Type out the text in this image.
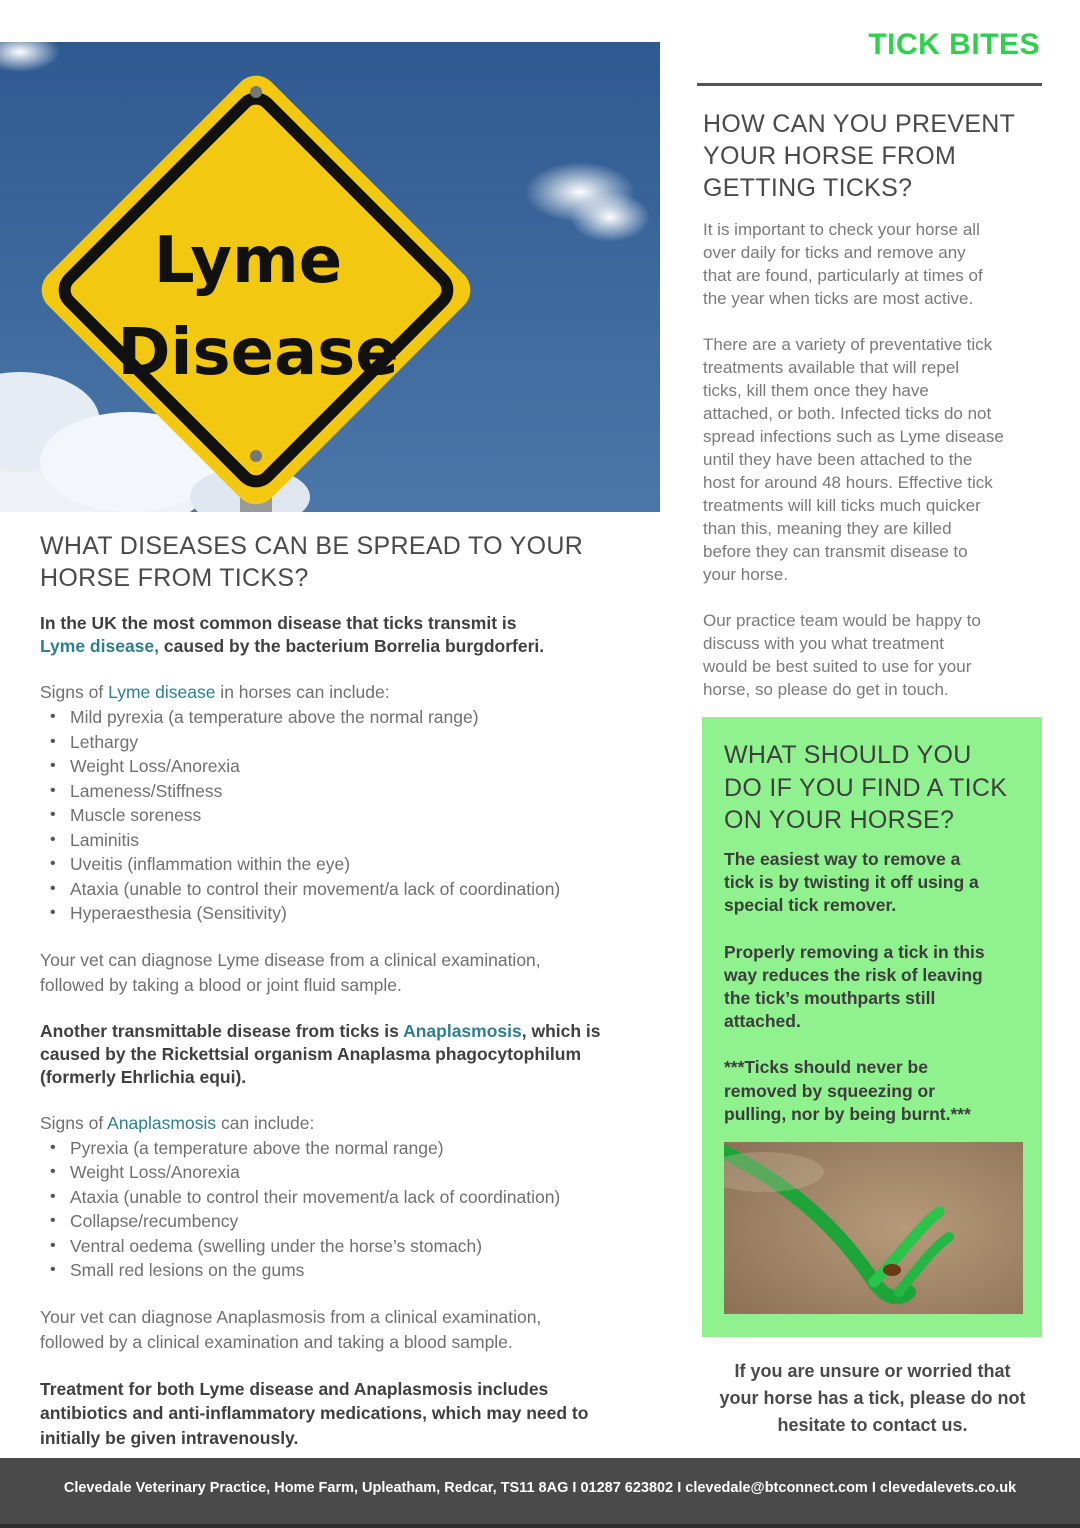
Lyme
Disease
TICK BITES
WHAT DISEASES CAN BE SPREAD TO YOUR HORSE FROM TICKS?
In the UK the most common disease that ticks transmit is
Lyme disease, caused by the bacterium Borrelia burgdorferi.
Signs of Lyme disease in horses can include:
• Mild pyrexia (a temperature above the normal range)
• Lethargy
• Weight Loss/Anorexia
• Lameness/Stiffness
• Muscle soreness
• Laminitis
• Uveitis (inflammation within the eye)
• Ataxia (unable to control their movement/a lack of coordination)
• Hyperaesthesia (Sensitivity)
Your vet can diagnose Lyme disease from a clinical examination,
followed by taking a blood or joint fluid sample.
Another transmittable disease from ticks is Anaplasmosis, which is
caused by the Rickettsial organism Anaplasma phagocytophilum
(formerly Ehrlichia equi).
Signs of Anaplasmosis can include:
• Pyrexia (a temperature above the normal range)
• Weight Loss/Anorexia
• Ataxia (unable to control their movement/a lack of coordination)
• Collapse/recumbency
• Ventral oedema (swelling under the horse’s stomach)
• Small red lesions on the gums
Your vet can diagnose Anaplasmosis from a clinical examination,
followed by a clinical examination and taking a blood sample.
Treatment for both Lyme disease and Anaplasmosis includes
antibiotics and anti-inflammatory medications, which may need to
initially be given intravenously.
HOW CAN YOU PREVENT
YOUR HORSE FROM
GETTING TICKS?
It is important to check your horse all
over daily for ticks and remove any
that are found, particularly at times of
the year when ticks are most active.
There are a variety of preventative tick
treatments available that will repel
ticks, kill them once they have
attached, or both. Infected ticks do not
spread infections such as Lyme disease
until they have been attached to the
host for around 48 hours. Effective tick
treatments will kill ticks much quicker
than this, meaning they are killed
before they can transmit disease to
your horse.
Our practice team would be happy to
discuss with you what treatment
would be best suited to use for your
horse, so please do get in touch.
WHAT SHOULD YOU
DO IF YOU FIND A TICK
ON YOUR HORSE?

The easiest way to remove a
tick is by twisting it off using a
special tick remover.

Properly removing a tick in this
way reduces the risk of leaving
the tick’s mouthparts still
attached.

***Ticks should never be
removed by squeezing or
pulling, nor by being burnt.***

If you are unsure or worried that
your horse has a tick, please do not
hesitate to contact us.
Clevedale Veterinary Practice, Home Farm, Upleatham, Redcar, TS11 8AG I 01287 623802 I clevedale@btconnect.com I clevedalevets.co.uk
